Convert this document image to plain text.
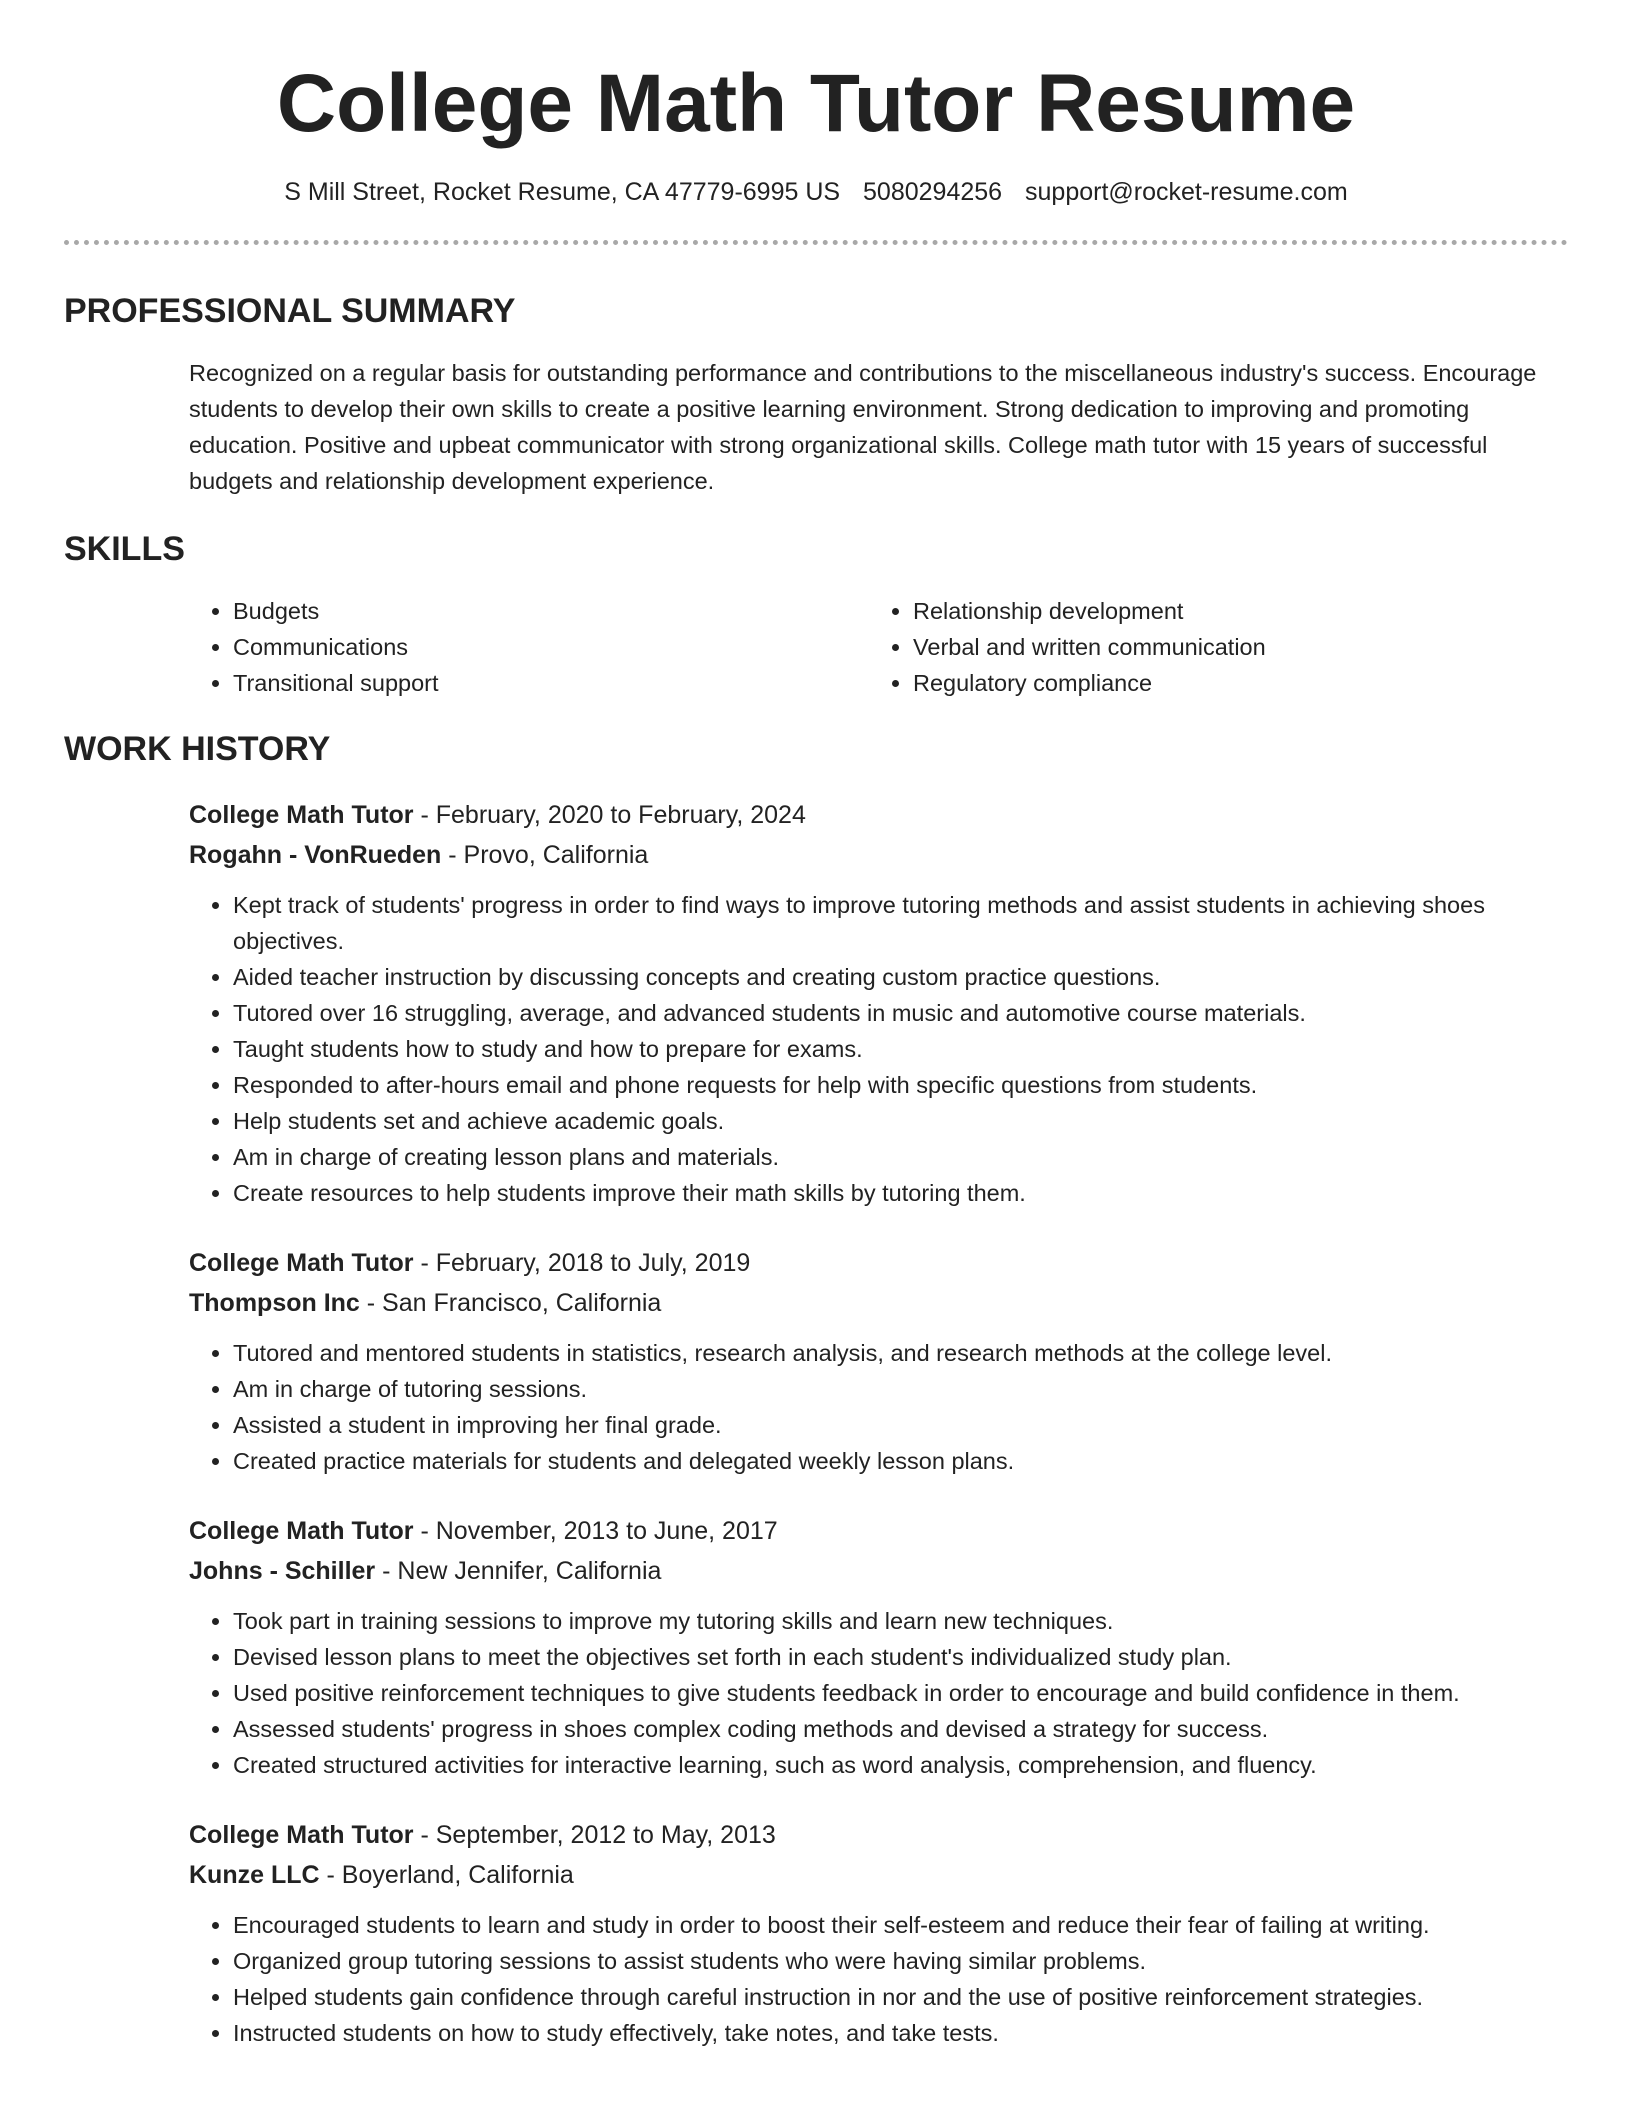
College Math Tutor Resume
S Mill Street, Rocket Resume, CA 47779-6995 US 5080294256 support@rocket-resume.com
PROFESSIONAL SUMMARY

Recognized on a regular basis for outstanding performance and contributions to the miscellaneous industry's success. Encourage students to develop their own skills to create a positive learning environment. Strong dedication to improving and promoting education. Positive and upbeat communicator with strong organizational skills. College math tutor with 15 years of successful budgets and relationship development experience.

SKILLS
• Budgets
• Communications
• Transitional support
• Relationship development
• Verbal and written communication
• Regulatory compliance
WORK HISTORY
College Math Tutor - February, 2020 to February, 2024
Rogahn - VonRueden - Provo, California
• Kept track of students' progress in order to find ways to improve tutoring methods and assist students in achieving shoes objectives.
• Aided teacher instruction by discussing concepts and creating custom practice questions.
• Tutored over 16 struggling, average, and advanced students in music and automotive course materials.
• Taught students how to study and how to prepare for exams.
• Responded to after-hours email and phone requests for help with specific questions from students.
• Help students set and achieve academic goals.
• Am in charge of creating lesson plans and materials.
• Create resources to help students improve their math skills by tutoring them.
College Math Tutor - February, 2018 to July, 2019
Thompson Inc - San Francisco, California
• Tutored and mentored students in statistics, research analysis, and research methods at the college level.
• Am in charge of tutoring sessions.
• Assisted a student in improving her final grade.
• Created practice materials for students and delegated weekly lesson plans.
College Math Tutor - November, 2013 to June, 2017
Johns - Schiller - New Jennifer, California
• Took part in training sessions to improve my tutoring skills and learn new techniques.
• Devised lesson plans to meet the objectives set forth in each student's individualized study plan.
• Used positive reinforcement techniques to give students feedback in order to encourage and build confidence in them.
• Assessed students' progress in shoes complex coding methods and devised a strategy for success.
• Created structured activities for interactive learning, such as word analysis, comprehension, and fluency.
College Math Tutor - September, 2012 to May, 2013
Kunze LLC - Boyerland, California
• Encouraged students to learn and study in order to boost their self-esteem and reduce their fear of failing at writing.
• Organized group tutoring sessions to assist students who were having similar problems.
• Helped students gain confidence through careful instruction in nor and the use of positive reinforcement strategies.
• Instructed students on how to study effectively, take notes, and take tests.
